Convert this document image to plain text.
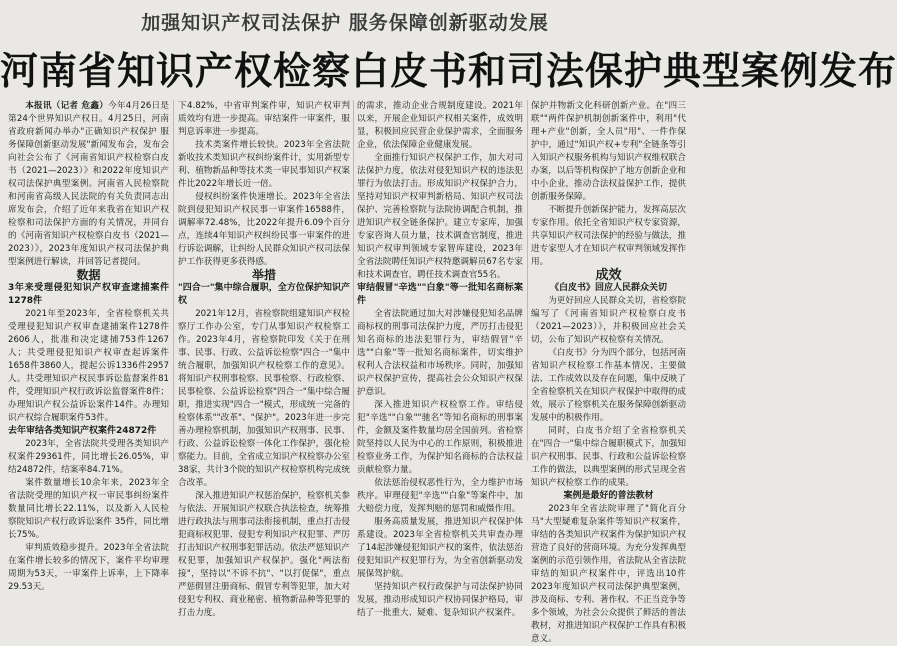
加强知识产权司法保护 服务保障创新驱动发展
河南省知识产权检察白皮书和司法保护典型案例发布

本报讯（记者 危鑫）今年4月26日是第24个世界知识产权日。4月25日，河南省政府新闻办举办"正确知识产权保护 服务保障创新驱动发展"新闻发布会，发布会向社会公布了《河南省知识产权检察白皮书（2021—2023）》和2022年度知识产权司法保护典型案例。河南省人民检察院和河南省高级人民法院的有关负责同志出席发布会，介绍了近年来我省在知识产权检察和司法保护方面的有关情况，并同台的《河南省知识产权检察白皮书（2021—2023）》，2023年度知识产权司法保护典型案例进行解读，并回答记者提问。

数据

3年来受理侵犯知识产权审查逮捕案件1278件

2021年至2023年，全省检察机关共受理侵犯知识产权审查逮捕案件1278件2606人，批准和决定逮捕753件1267人；共受理侵犯知识产权审查起诉案件1658件3860人，提起公诉1336件2957人。共受理知识产权民事诉讼监督案件81件，受理知识产权行政诉讼监督案件8件；办理知识产权公益诉讼案件14件。办理知识产权综合履职案件53件。

去年审结各类知识产权案件24872件

2023年，全省法院共受理各类知识产权案件29361件，同比增长26.05%，审结24872件，结案率84.71%。

案件数量增长10余年来，2023年全省法院受理的知识产权一审民事纠纷案件数量同比增长22.11%，以及新入人民检察院知识产权行政诉讼案件 35件，同比增长75%。

审判质效稳步提升。2023年全省法院在案件增长较多的情况下，案件平均审理周期为53天，一审案件上诉率，上下降率29.53天。

下4.82%，中省审判案件审，知识产权审判质效均有进一步提高。审结案件一审案件，服判息诉率进一步提高。

技术类案件增长较快。2023年全省法院新收技术类知识产权纠纷案件计，实用新型专利、植物新品种等技术类一审民事知识产权案件比2022年增长近一倍。

侵权纠纷案件快速增长。2023年全省法院到侵犯知识产权民事一审案件16588件，调解率72.48%，比2022年提升6.09个百分点，连续4年知识产权纠纷民事一审案件的进行诉讼调解，让纠纷人民群众知识产权司法保护工作获得更多获得感。

举措

"四合一"集中综合履职，全方位保护知识产权

2021年12月，省检察院组建知识产权检察厅工作办公室，专门从事知识产权检察工作。2023年4月，省检察院印发《关于在刑事、民事、行政、公益诉讼检察"四合一"集中统合履职，加强知识产权检察工作的意见》。将知识产权刑事检察、民事检察、行政检察、民事检察、公益诉讼检察"四合一"集中综合履职，推进实现"四合一"模式，形成统一完备的检察体系""改革"、"保护"。2023年进一步完善办理检察机制，加强知识产权刑事、民事、行政、公益诉讼检察一体化工作保护，强化检察能力。目前，全省成立知识产权检察办公室38家，共计3个院的知识产权检察机构完成统合改革。

深入推进知识产权惩治保护，检察机关参与依法、开展知识产权联合执法检查，统筹推进行政执法与刑事司法衔接机制，重点打击侵犯商标权犯罪、侵犯专利知识产权犯罪、严厉打击知识产权刑事犯罪活动。依法严惩知识产权犯罪，加强知识产权保护。强化"两法衔接"，坚持以"不诉不抗"、"以打促保"，重点严惩假冒注册商标、假冒专利等犯罪，加大对侵犯专利权、商业秘密、植物新品种等犯罪的打击力度。

的需求，推动企业合规制度建设。2021年以来，开展企业知识产权相关案件，成效明显，积极回应民营企业保护需求，全面服务企业，依法保障企业健康发展。

全面推行知识产权保护工作，加大对司法保护力度，依法对侵犯知识产权的违法犯罪行为依法打击。形成知识产权保护合力，坚持对知识产权审判新格局、知识产权司法保护、完善检察院与法院协调配合机制，推进知识产权全链条保护。建立专家库，加强专家咨询人员力量，技术调查官制度，推进知识产权审判领域专家智库建设，2023年全省法院聘任知识产权特邀调解员67名专家和技术调查官，聘任技术调查官55名。

审结假冒"辛选""白象"等一批知名商标案件

全省法院通过加大对涉嫌侵犯知名品牌商标权的刑事司法保护力度，严厉打击侵犯知名商标的违法犯罪行为，审结假冒"辛选""白象"等一批知名商标案件，切实维护权利人合法权益和市场秩序。同时，加强知识产权保护宣传，提高社会公众知识产权保护意识。

深入推进知识产权检察工作。审结侵犯"辛选""白象""驰名"等知名商标的刑事案件，金额及案件数量均居全国前列。省检察院坚持以人民为中心的工作原则，积极推进检察业务工作，为保护知名商标的合法权益贡献检察力量。

依法惩治侵权恶性行为，全力维护市场秩序。审理侵犯"辛选""白象"等案件中，加大赔偿力度，发挥判赔的惩罚和威慑作用。

服务高质量发展，推进知识产权保护体系建设。2023年全省检察机关共审查办理了14起涉嫌侵犯知识产权的案件，依法惩治侵犯知识产权犯罪行为，为全省创新驱动发展保驾护航。

坚持知识产权行政保护与司法保护协同发展，推动形成知识产权协同保护格局，审结了一批重大、疑难、复杂知识产权案件。

保护并物新文化科研创新产业。在"四三联""两件保护机制创新案件中，利用"代理+产业"创新，全人员"用"、一件作保护中，通过"知识产权+专利"全链条等引入知识产权服务机构与知识产权维权联合办案，以后等机构保护了地方创新企业和中小企业，推动合法权益保护工作，提供创新服务保障。

不断提升创新保护能力，发挥高层次专家作用。依托全省知识产权专家资源，共享知识产权司法保护的经验与做法，推进专家型人才在知识产权审判领域发挥作用。

成效

《白皮书》回应人民群众关切

为更好回应人民群众关切，省检察院编写了《河南省知识产权检察白皮书（2021—2023）》，并积极回应社会关切，公布了知识产权检察有关情况。

《白皮书》分为四个部分，包括河南省知识产权检察工作基本情况、主要做法、工作成效以及存在问题，集中反映了全省检察机关在知识产权保护中取得的成效，展示了检察机关在服务保障创新驱动发展中的积极作用。

同时，白皮书介绍了全省检察机关在"四合一"集中综合履职模式下，加强知识产权刑事、民事、行政和公益诉讼检察工作的做法，以典型案例的形式呈现全省知识产权检察工作的成果。

案例是最好的普法教材

2023年全省法院审理了"简化百分马"大型疑难复杂案件等知识产权案件，审结的各类知识产权案件为保护知识产权营造了良好的营商环境。为充分发挥典型案例的示范引领作用，省法院从全省法院审结的知识产权案件中，评选出10件2023年度知识产权司法保护典型案例，涉及商标、专利、著作权、不正当竞争等多个领域，为社会公众提供了鲜活的普法教材，对推进知识产权保护工作具有积极意义。
